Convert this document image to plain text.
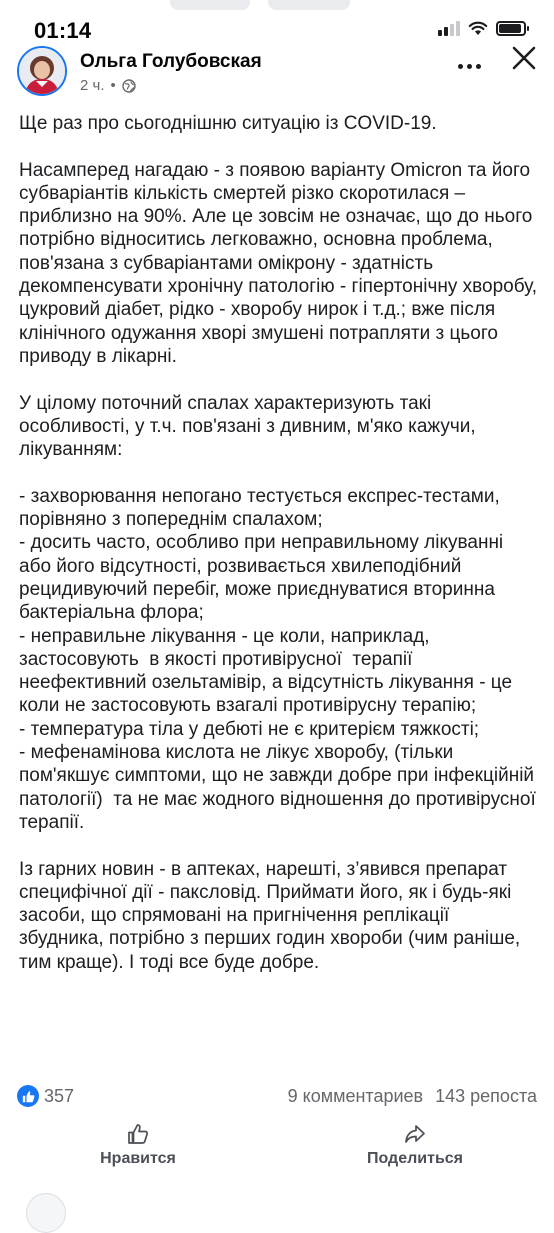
01:14
Ольга Голубовская
2 ч. •

Ще раз про сьогоднішню ситуацію із COVID-19.

Насамперед нагадаю - з появою варіанту Omicron та його субваріантів кількість смертей різко скоротилася – приблизно на 90%. Але це зовсім не означає, що до нього потрібно відноситись легковажно, основна проблема, пов'язана з субваріантами омікрону - здатність декомпенсувати хронічну патологію - гіпертонічну хворобу, цукровий діабет, рідко - хворобу нирок і т.д.; вже після клінічного одужання хворі змушені потрапляти з цього приводу в лікарні.

У цілому поточний спалах характеризують такі особливості, у т.ч. пов'язані з дивним, м'яко кажучи, лікуванням:

- захворювання непогано тестується експрес-тестами, порівняно з попереднім спалахом;
- досить часто, особливо при неправильному лікуванні або його відсутності, розвивається хвилеподібний рецидивуючий перебіг, може приєднуватися вторинна бактеріальна флора;
- неправильне лікування - це коли, наприклад, застосовують  в якості противірусної  терапії неефективний озельтамівір, а відсутність лікування - це коли не застосовують взагалі противірусну терапію;
- температура тіла у дебюті не є критерієм тяжкості;
- мефенамінова кислота не лікує хворобу, (тільки пом'якшує симптоми, що не завжди добре при інфекційній патології)  та не має жодного відношення до противірусної терапії.

Із гарних новин - в аптеках, нарешті, з’явився препарат специфічної дії - паксловід. Приймати його, як і будь-які засоби, що спрямовані на пригнічення реплікації збудника, потрібно з перших годин хвороби (чим раніше, тим краще). І тоді все буде добре.

357	9 комментариев 143 репоста
Нравится	Поделиться
